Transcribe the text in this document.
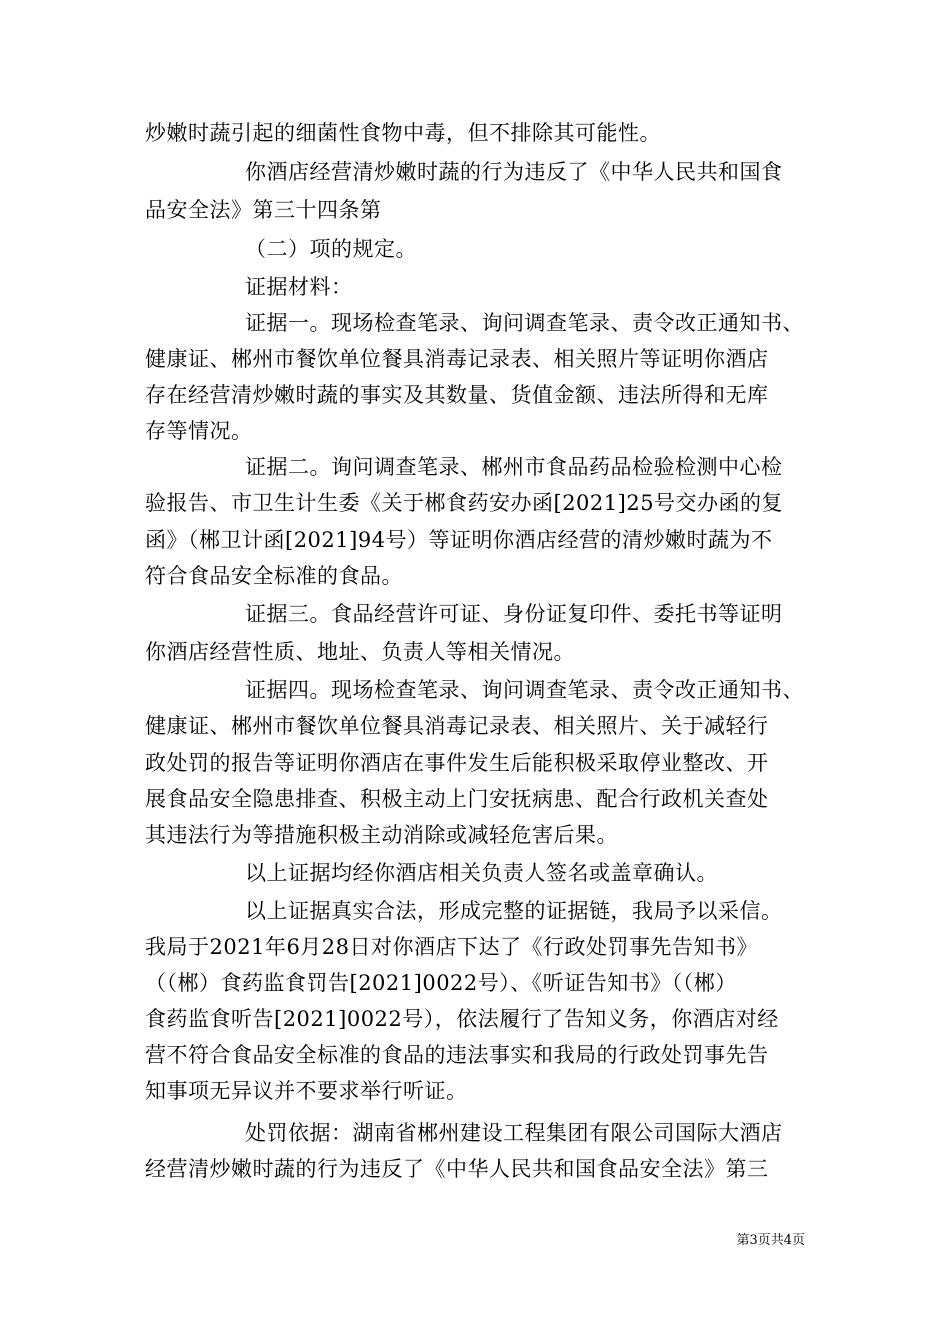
炒嫩时蔬引起的细菌性食物中毒，但不排除其可能性。
你酒店经营清炒嫩时蔬的行为违反了《中华人民共和国食
品安全法》第三十四条第
（二）项的规定。
证据材料：
证据一。现场检查笔录、询问调查笔录、责令改正通知书、
健康证、郴州市餐饮单位餐具消毒记录表、相关照片等证明你酒店
存在经营清炒嫩时蔬的事实及其数量、货值金额、违法所得和无库
存等情况。
证据二。询问调查笔录、郴州市食品药品检验检测中心检
验报告、市卫生计生委《关于郴食药安办函[2021]25号交办函的复
函》（郴卫计函[2021]94号）等证明你酒店经营的清炒嫩时蔬为不
符合食品安全标准的食品。
证据三。食品经营许可证、身份证复印件、委托书等证明
你酒店经营性质、地址、负责人等相关情况。
证据四。现场检查笔录、询问调查笔录、责令改正通知书、
健康证、郴州市餐饮单位餐具消毒记录表、相关照片、关于减轻行
政处罚的报告等证明你酒店在事件发生后能积极采取停业整改、开
展食品安全隐患排查、积极主动上门安抚病患、配合行政机关查处
其违法行为等措施积极主动消除或减轻危害后果。
以上证据均经你酒店相关负责人签名或盖章确认。
以上证据真实合法，形成完整的证据链，我局予以采信。
我局于2021年6月28日对你酒店下达了《行政处罚事先告知书》
（（郴）食药监食罚告[2021]0022号）、《听证告知书》（（郴）
食药监食听告[2021]0022号），依法履行了告知义务，你酒店对经
营不符合食品安全标准的食品的违法事实和我局的行政处罚事先告
知事项无异议并不要求举行听证。
处罚依据：湖南省郴州建设工程集团有限公司国际大酒店
经营清炒嫩时蔬的行为违反了《中华人民共和国食品安全法》第三
第3页共4页
